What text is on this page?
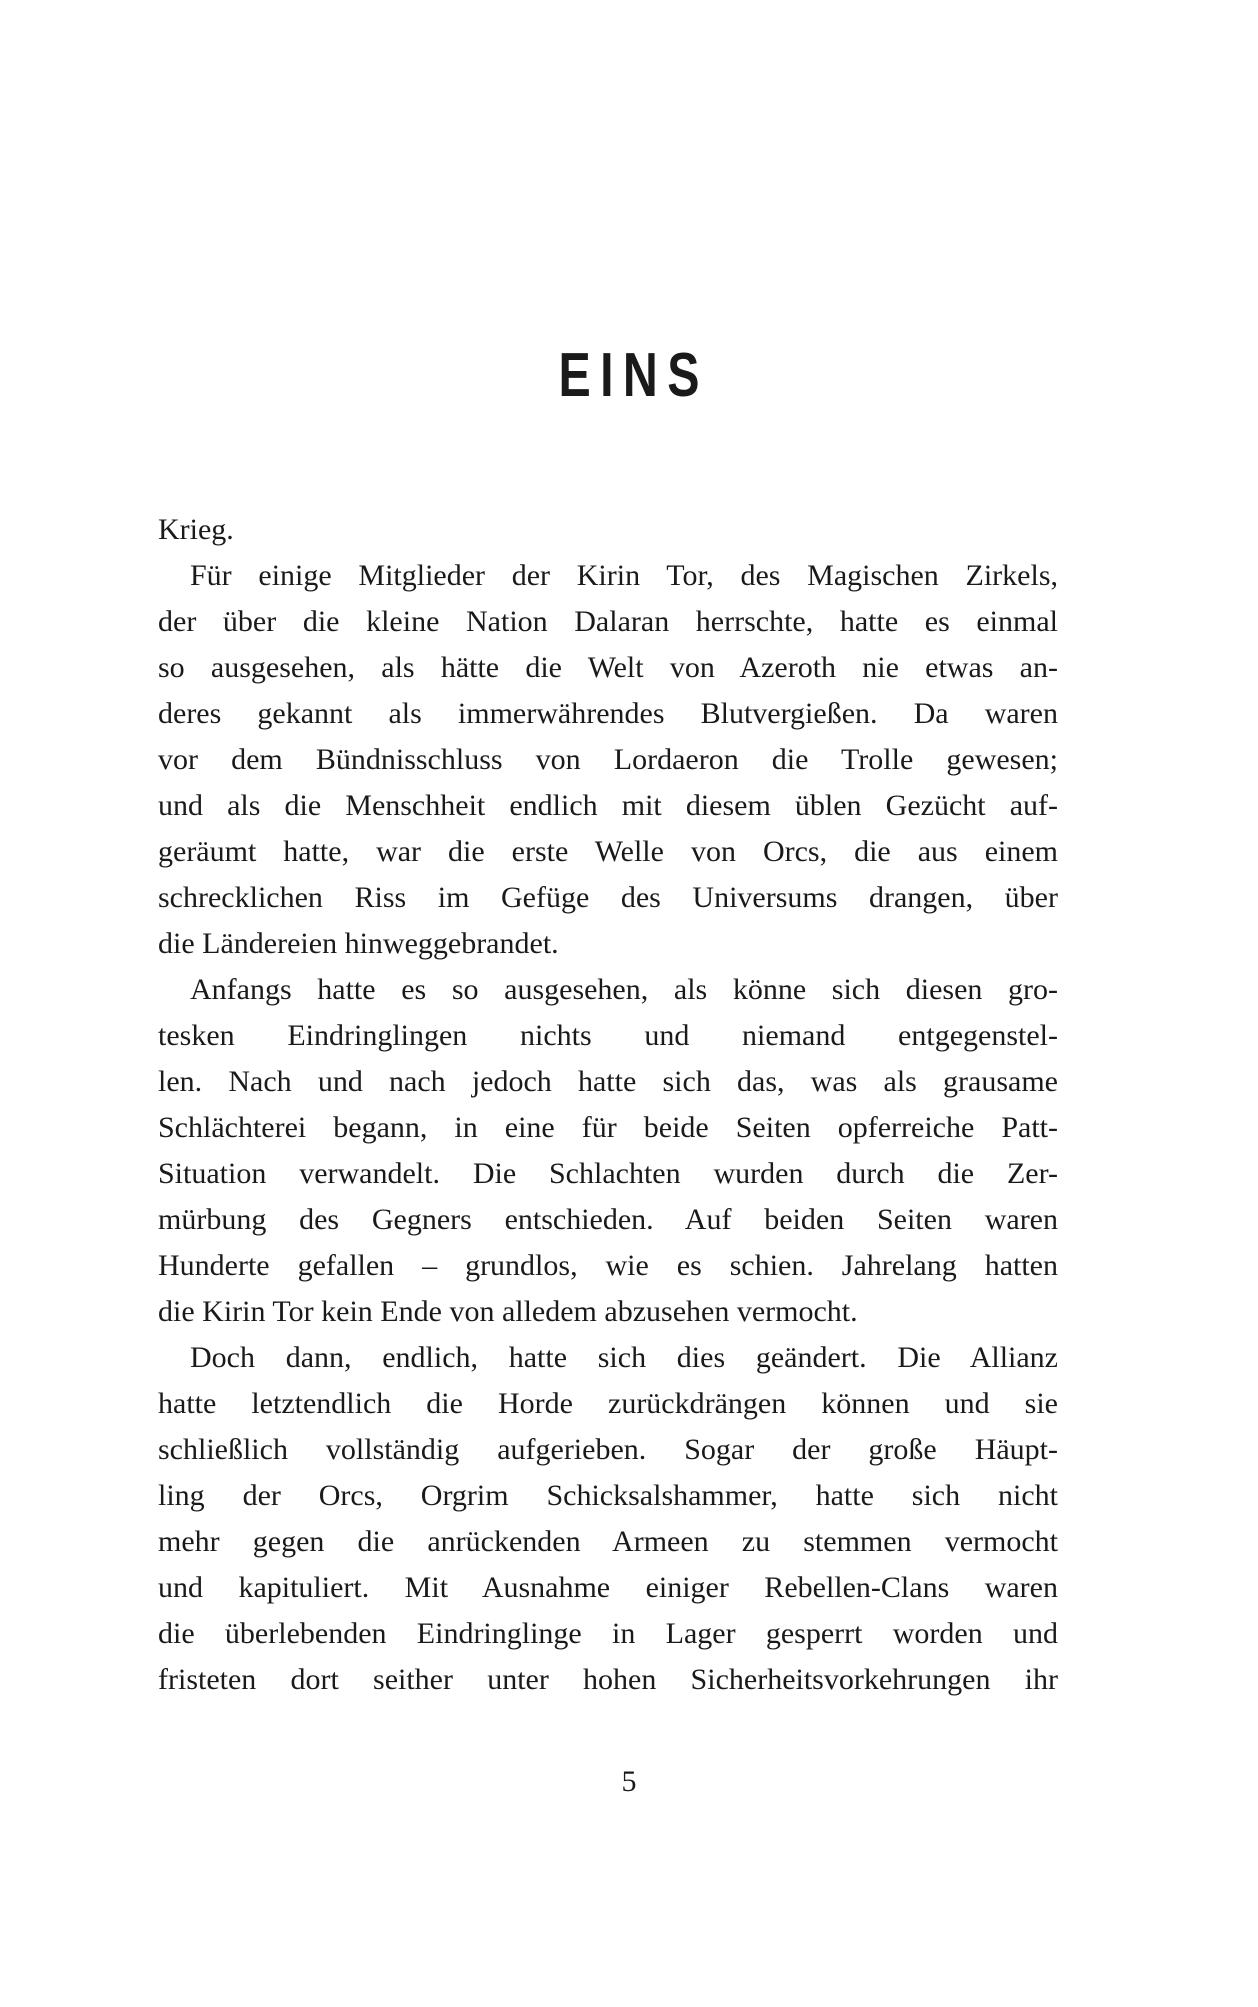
EINS
Krieg.
Für einige Mitglieder der Kirin Tor, des Magischen Zirkels,
der über die kleine Nation Dalaran herrschte, hatte es einmal
so ausgesehen, als hätte die Welt von Azeroth nie etwas an-
deres gekannt als immerwährendes Blutvergießen. Da waren
vor dem Bündnisschluss von Lordaeron die Trolle gewesen;
und als die Menschheit endlich mit diesem üblen Gezücht auf-
geräumt hatte, war die erste Welle von Orcs, die aus einem
schrecklichen Riss im Gefüge des Universums drangen, über
die Ländereien hinweggebrandet.
Anfangs hatte es so ausgesehen, als könne sich diesen gro-
tesken Eindringlingen nichts und niemand entgegenstel-
len. Nach und nach jedoch hatte sich das, was als grausame
Schlächterei begann, in eine für beide Seiten opferreiche Patt-
Situation verwandelt. Die Schlachten wurden durch die Zer-
mürbung des Gegners entschieden. Auf beiden Seiten waren
Hunderte gefallen – grundlos, wie es schien. Jahrelang hatten
die Kirin Tor kein Ende von alledem abzusehen vermocht.
Doch dann, endlich, hatte sich dies geändert. Die Allianz
hatte letztendlich die Horde zurückdrängen können und sie
schließlich vollständig aufgerieben. Sogar der große Häupt-
ling der Orcs, Orgrim Schicksalshammer, hatte sich nicht
mehr gegen die anrückenden Armeen zu stemmen vermocht
und kapituliert. Mit Ausnahme einiger Rebellen-Clans waren
die überlebenden Eindringlinge in Lager gesperrt worden und
fristeten dort seither unter hohen Sicherheitsvorkehrungen ihr
5
